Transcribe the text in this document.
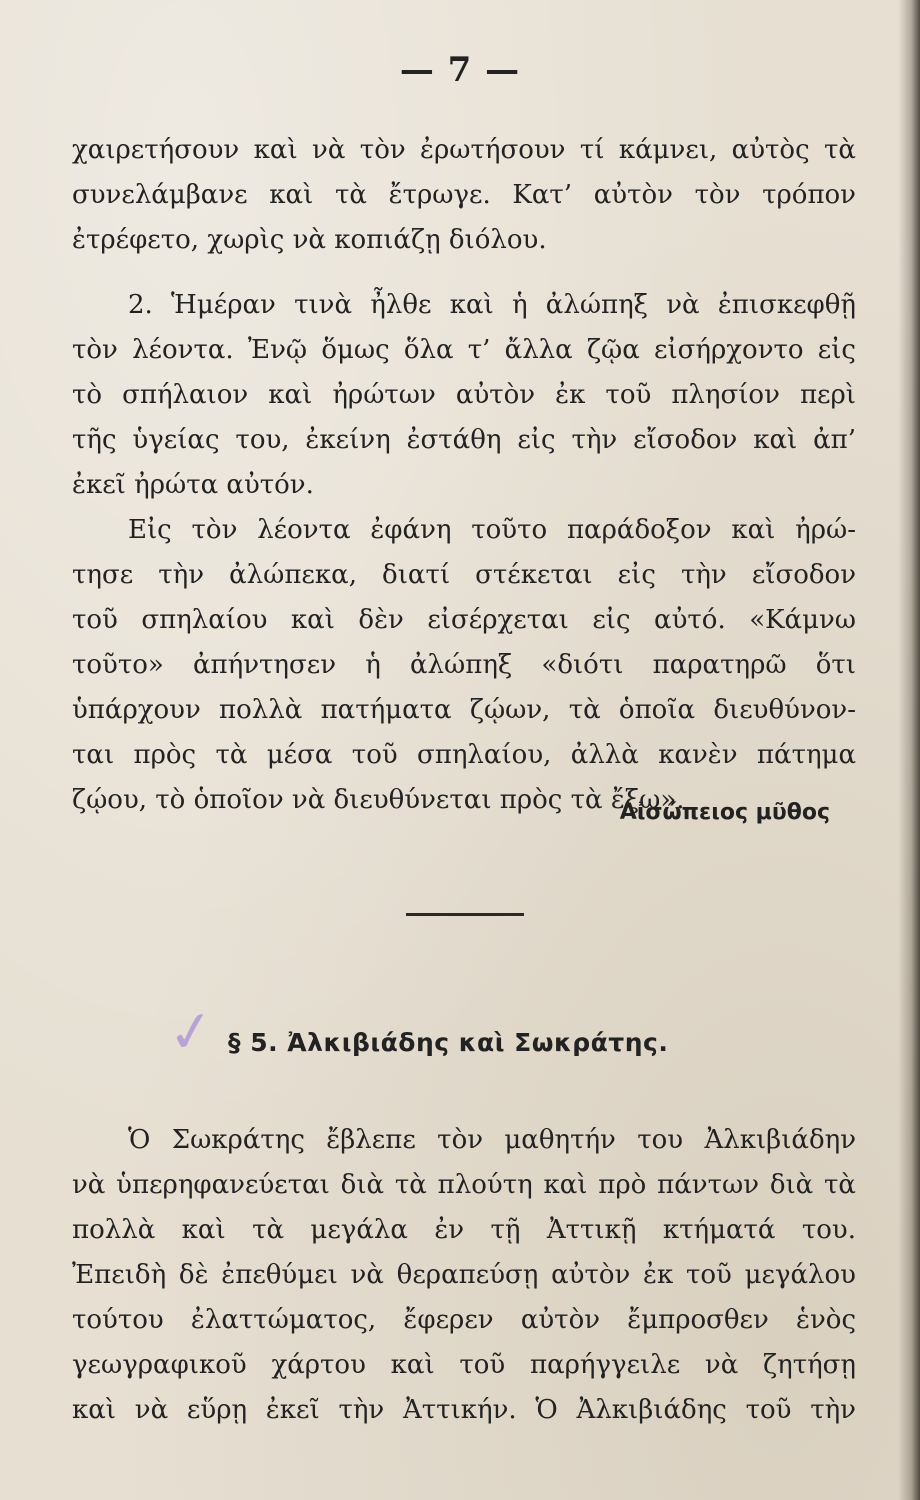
— 7 —
χαιρετήσουν καὶ νὰ τὸν ἐρωτήσουν τί κάμνει, αὐτὸς τὰ
συνελάμβανε καὶ τὰ ἔτρωγε. Κατ’ αὐτὸν τὸν τρόπον
ἐτρέφετο, χωρὶς νὰ κοπιάζῃ διόλου.
2. Ἡμέραν τινὰ ἦλθε καὶ ἡ ἀλώπηξ νὰ ἐπισκεφθῇ
τὸν λέοντα. Ἐνῷ ὅμως ὅλα τ’ ἄλλα ζῷα εἰσήρχοντο εἰς
τὸ σπήλαιον καὶ ἠρώτων αὐτὸν ἐκ τοῦ πλησίον περὶ
τῆς ὑγείας του, ἐκείνη ἐστάθη εἰς τὴν εἴσοδον καὶ ἀπ’
ἐκεῖ ἠρώτα αὐτόν.
Εἰς τὸν λέοντα ἐφάνη τοῦτο παράδοξον καὶ ἠρώ-
τησε τὴν ἀλώπεκα, διατί στέκεται εἰς τὴν εἴσοδον
τοῦ σπηλαίου καὶ δὲν εἰσέρχεται εἰς αὐτό. «Κάμνω
τοῦτο» ἀπήντησεν ἡ ἀλώπηξ «διότι παρατηρῶ ὅτι
ὑπάρχουν πολλὰ πατήματα ζῴων, τὰ ὁποῖα διευθύνον-
ται πρὸς τὰ μέσα τοῦ σπηλαίου, ἀλλὰ κανὲν πάτημα
ζῴου, τὸ ὁποῖον νὰ διευθύνεται πρὸς τὰ ἔξω».
Αἰσώπειος μῦθος
✓ § 5. Ἀλκιβιάδης καὶ Σωκράτης.
Ὁ Σωκράτης ἔβλεπε τὸν μαθητήν του Ἀλκιβιάδην
νὰ ὑπερηφανεύεται διὰ τὰ πλούτη καὶ πρὸ πάντων διὰ τὰ
πολλὰ καὶ τὰ μεγάλα ἐν τῇ Ἀττικῇ κτήματά του.
Ἐπειδὴ δὲ ἐπεθύμει νὰ θεραπεύσῃ αὐτὸν ἐκ τοῦ μεγάλου
τούτου ἐλαττώματος, ἔφερεν αὐτὸν ἔμπροσθεν ἑνὸς
γεωγραφικοῦ χάρτου καὶ τοῦ παρήγγειλε νὰ ζητήσῃ
καὶ νὰ εὕρῃ ἐκεῖ τὴν Ἀττικήν. Ὁ Ἀλκιβιάδης τοῦ τὴν
